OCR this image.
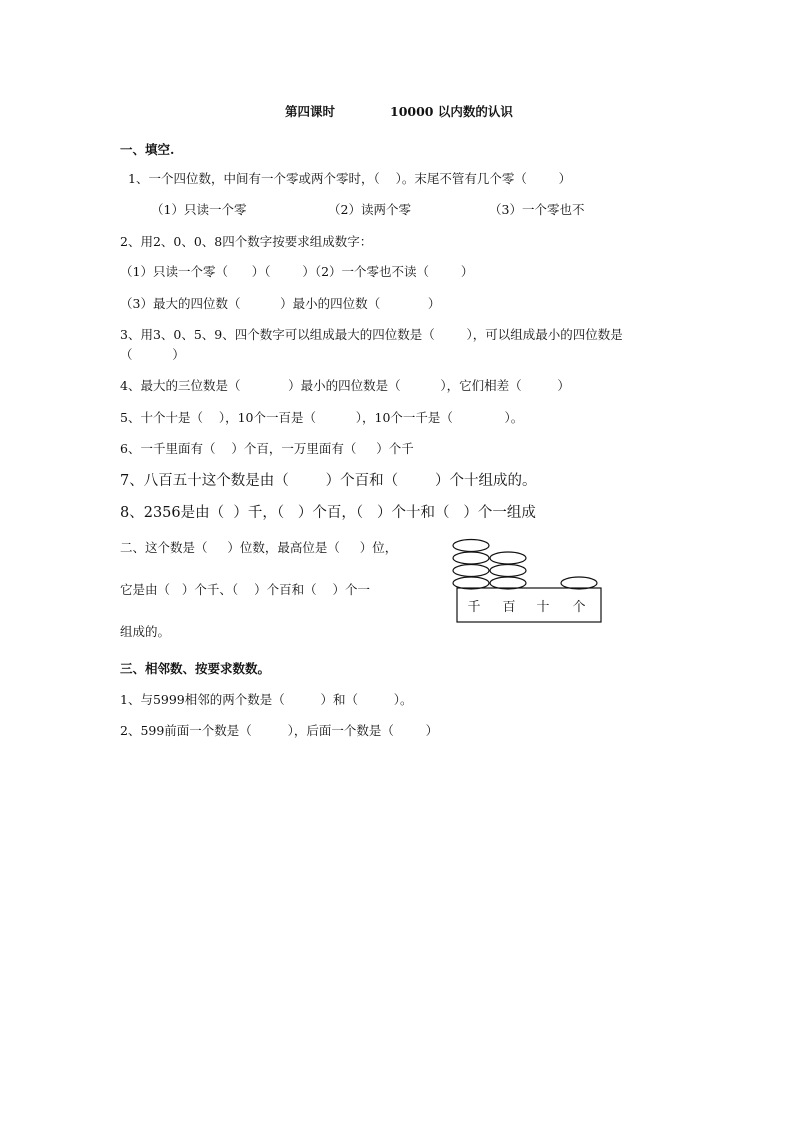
第四课时	10000 以内数的认识
一、填空.
1、一个四位数，中间有一个零或两个零时，（    ）。末尾不管有几个零（        ）
（1）只读一个零	（2）读两个零	（3）一个零也不
2、用2、0、0、8四个数字按要求组成数字：
（1）只读一个零（      ）（        ）（2）一个零也不读（        ）
（3）最大的四位数（          ）最小的四位数（            ）
3、用3、0、5、9、四个数字可以组成最大的四位数是（        ），可以组成最小的四位数是
（          ）
4、最大的三位数是（            ）最小的四位数是（          ），它们相差（         ）
5、十个十是（    ），10个一百是（          ），10个一千是（             ）。
6、一千里面有（    ）个百，一万里面有（     ）个千
7、八百五十这个数是由（        ）个百和（        ）个十组成的。
8、2356是由（  ）千，（   ）个百，（   ）个十和（   ）个一组成
二、这个数是（     ）位数，最高位是（     ）位，
它是由（   ）个千、（    ）个百和（    ）个一
组成的。
千 百 十 个
三、相邻数、按要求数数。
1、与5999相邻的两个数是（         ）和（         ）。
2、599前面一个数是（         ），后面一个数是（        ）
